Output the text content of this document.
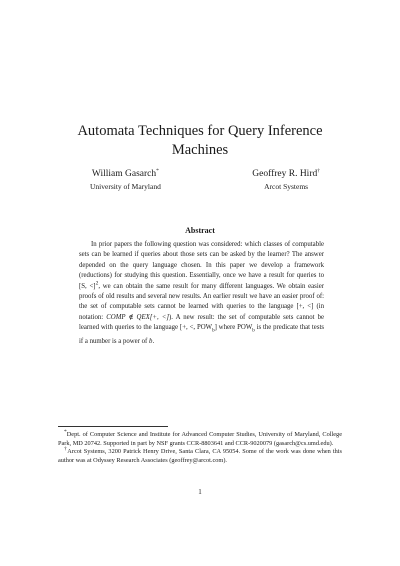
Automata Techniques for Query Inference
Machines
William Gasarch*
University of Maryland
Geoffrey R. Hird†
Arcot Systems
Abstract
In prior papers the following question was considered: which classes of computable sets can be learned if queries about those sets can be asked by the learner? The answer depended on the query language chosen. In this paper we develop a framework (reductions) for studying this question. Essentially, once we have a result for queries to [S, <]$^2$, we can obtain the same result for many different languages. We obtain easier proofs of old results and several new results. An earlier result we have an easier proof of: the set of computable sets cannot be learned with queries to the language [+, <] (in notation: COMP ∉ QEX[+, <]). A new result: the set of computable sets cannot be learned with queries to the language [+, <, $POW_b$] where $POW_b$ is the predicate that tests if a number is a power of b.

*Dept. of Computer Science and Institute for Advanced Computer Studies, University of Maryland, College Park, MD 20742. Supported in part by NSF grants CCR-8803641 and CCR-9020079 (gasarch@cs.umd.edu).

†Arcot Systems, 3200 Patrick Henry Drive, Santa Clara, CA 95054. Some of the work was done when this author was at Odyssey Research Associates (geoffrey@arcot.com).

1
